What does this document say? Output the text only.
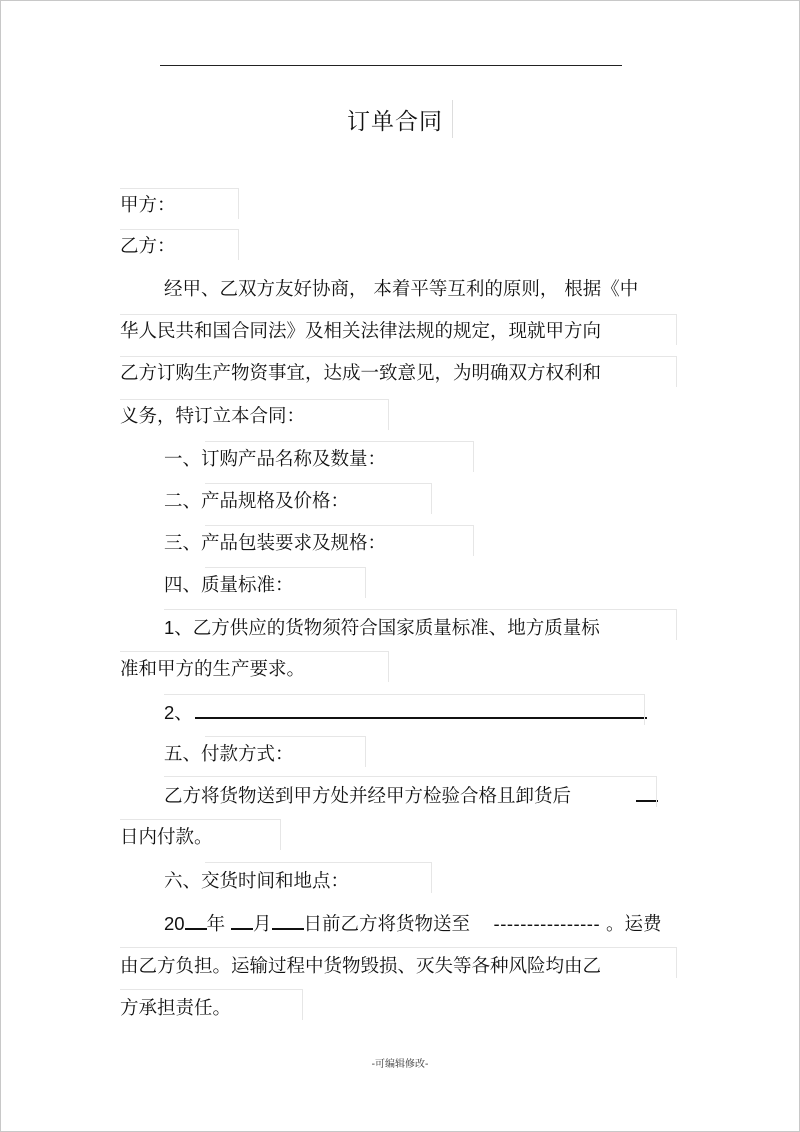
订单合同
甲方：
乙方：
经甲、乙双方友好协商， 本着平等互利的原则， 根据《中
华人民共和国合同法》及相关法律法规的规定，现就甲方向
乙方订购生产物资事宜，达成一致意见，为明确双方权利和
义务，特订立本合同：
一、订购产品名称及数量：
二、产品规格及价格：
三、产品包装要求及规格：
四、质量标准：
1、乙方供应的货物须符合国家质量标准、地方质量标
准和甲方的生产要求。
2、
五、付款方式：
乙方将货物送到甲方处并经甲方检验合格且卸货后
日内付款。
六、交货时间和地点：
20 年 月 日前乙方将货物送至 ---------------- 。运费
由乙方负担。运输过程中货物毁损、灭失等各种风险均由乙
方承担责任。
-可编辑修改-
